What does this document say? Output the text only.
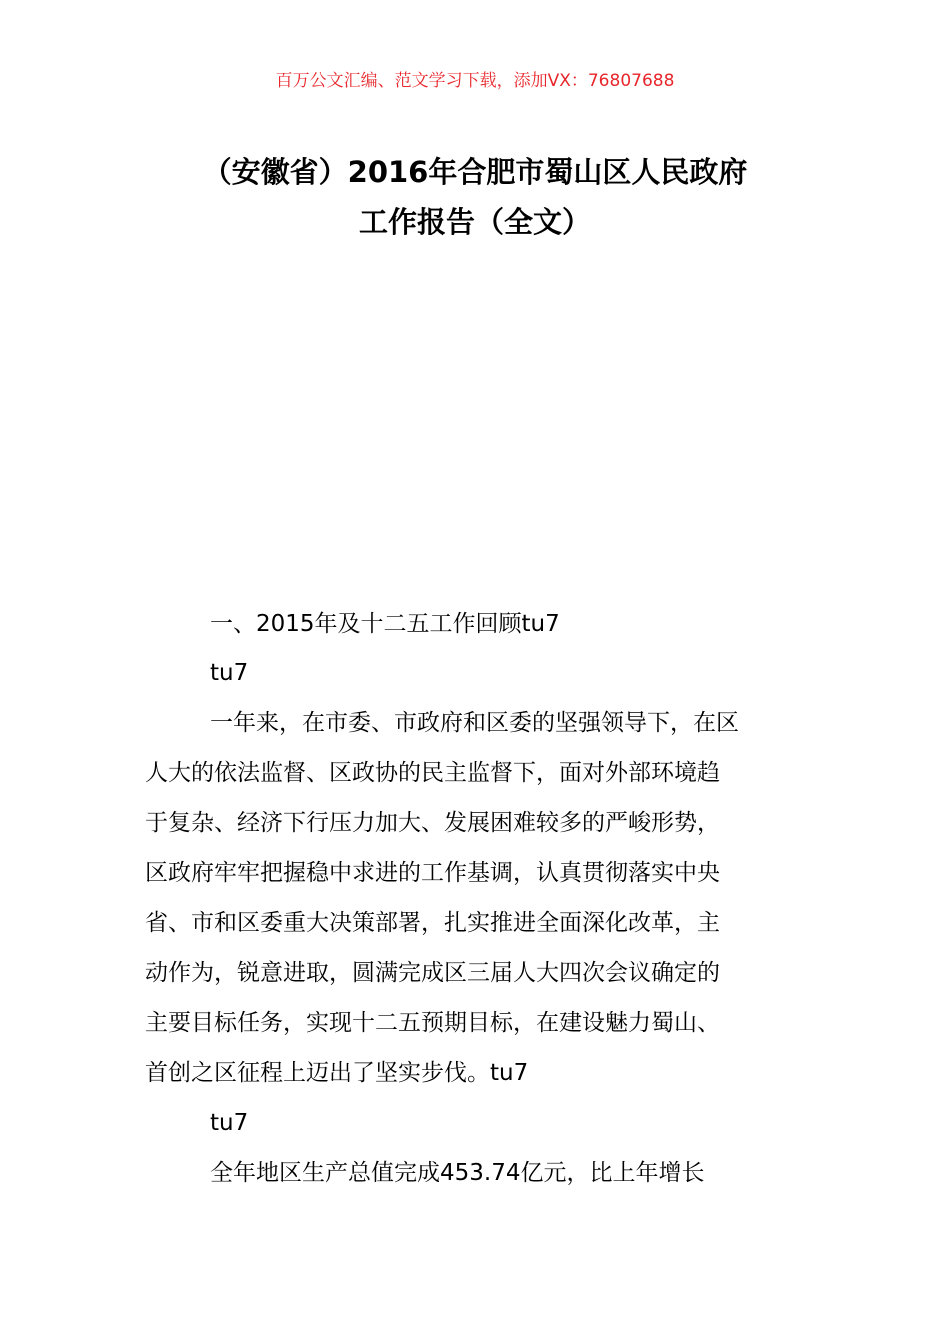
百万公文汇编、范文学习下载，添加VX：76807688
（安徽省）2016年合肥市蜀山区人民政府
工作报告（全文）
一、2015年及十二五工作回顾tu7
tu7
一年来，在市委、市政府和区委的坚强领导下，在区
人大的依法监督、区政协的民主监督下，面对外部环境趋
于复杂、经济下行压力加大、发展困难较多的严峻形势，
区政府牢牢把握稳中求进的工作基调，认真贯彻落实中央
省、市和区委重大决策部署，扎实推进全面深化改革，主
动作为，锐意进取，圆满完成区三届人大四次会议确定的
主要目标任务，实现十二五预期目标，在建设魅力蜀山、
首创之区征程上迈出了坚实步伐。tu7
tu7
全年地区生产总值完成453.74亿元，比上年增长
